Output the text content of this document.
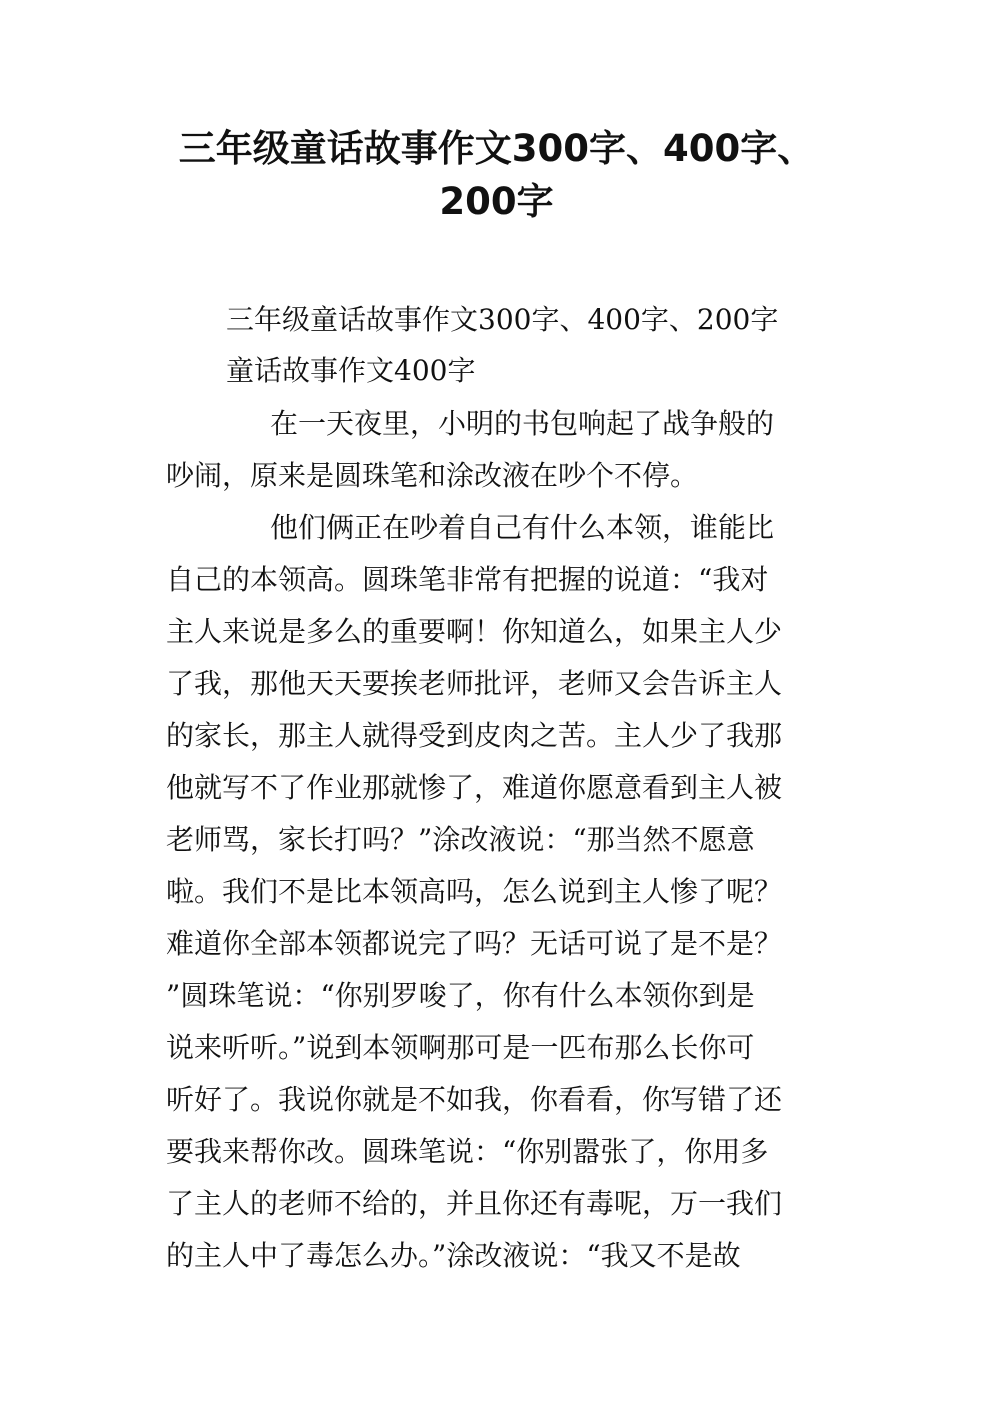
三年级童话故事作文300字、400字、
200字

三年级童话故事作文300字、400字、200字

童话故事作文400字

在一天夜里，小明的书包响起了战争般的
吵闹，原来是圆珠笔和涂改液在吵个不停。
他们俩正在吵着自己有什么本领，谁能比
自己的本领高。圆珠笔非常有把握的说道：“我对
主人来说是多么的重要啊！你知道么，如果主人少
了我，那他天天要挨老师批评，老师又会告诉主人
的家长，那主人就得受到皮肉之苦。主人少了我那
他就写不了作业那就惨了，难道你愿意看到主人被
老师骂，家长打吗？”涂改液说：“那当然不愿意
啦。我们不是比本领高吗，怎么说到主人惨了呢？
难道你全部本领都说完了吗？无话可说了是不是？
”圆珠笔说：“你别罗唆了，你有什么本领你到是
说来听听。”说到本领啊那可是一匹布那么长你可
听好了。我说你就是不如我，你看看，你写错了还
要我来帮你改。圆珠笔说：“你别嚣张了，你用多
了主人的老师不给的，并且你还有毒呢，万一我们
的主人中了毒怎么办。”涂改液说：“我又不是故
